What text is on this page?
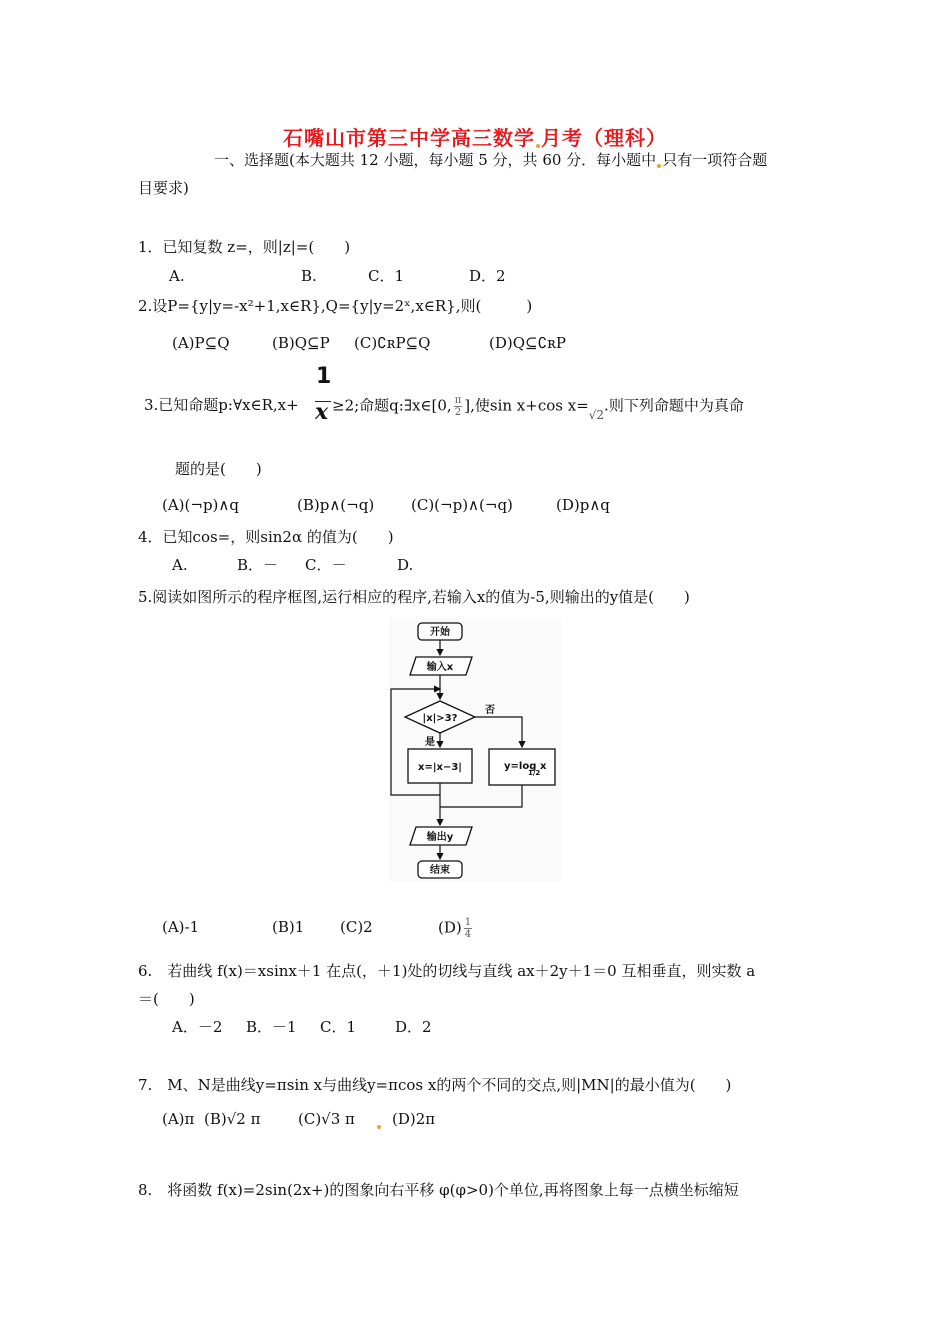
石嘴山市第三中学高三数学 月考（理科）
一、选择题(本大题共 12 小题，每小题 5 分，共 60 分．每小题中 只有一项符合题
目要求)
1．已知复数 z=，则|z|=(　　)
A.	B.	C．1	D．2
2.设P={y|y=-x²+1,x∈R},Q={y|y=2ˣ,x∈R},则(　　　)
(A)P⊆Q	(B)Q⊆P (C)∁ʀP⊆Q	(D)Q⊆∁ʀP
1
x
3.已知命题p:∀x∈R,x+ ≥2;命题q:∃x∈[0, $\frac{\pi}{2}$ ],使sin x+cos $x=_{√2}$.则下列命题中为真命
题的是(　　)
(A)(¬p)∧q	(B)p∧(¬q) (C)(¬p)∧(¬q)	(D)p∧q
4．已知cos=，则sin2α 的值为(　　)
A.	B．－ C．－	D.
5.阅读如图所示的程序框图,运行相应的程序,若输入x的值为-5,则输出的y值是(　　)
开始
输入x
|x|>3?
否
是
x=|x−3|	y=log
1/2
x
输出y
结束
(A)-1	(B)1 (C)2	$(D) \frac{1}{4}$
6.　若曲线 f(x)＝xsinx＋1 在点(，＋1)处的切线与直线 ax＋2y＋1＝0 互相垂直，则实数 a
＝(　　)
A．－2 B．－1 C．1	D．2
7.　M、N是曲线y=πsin x与曲线y=πcos x的两个不同的交点,则|MN|的最小值为(　　)
(A)π (B)√2 π	(C)√3 π (D)2π
8.　将函数 f(x)=2sin(2x+)的图象向右平移 φ(φ>0)个单位,再将图象上每一点横坐标缩短
